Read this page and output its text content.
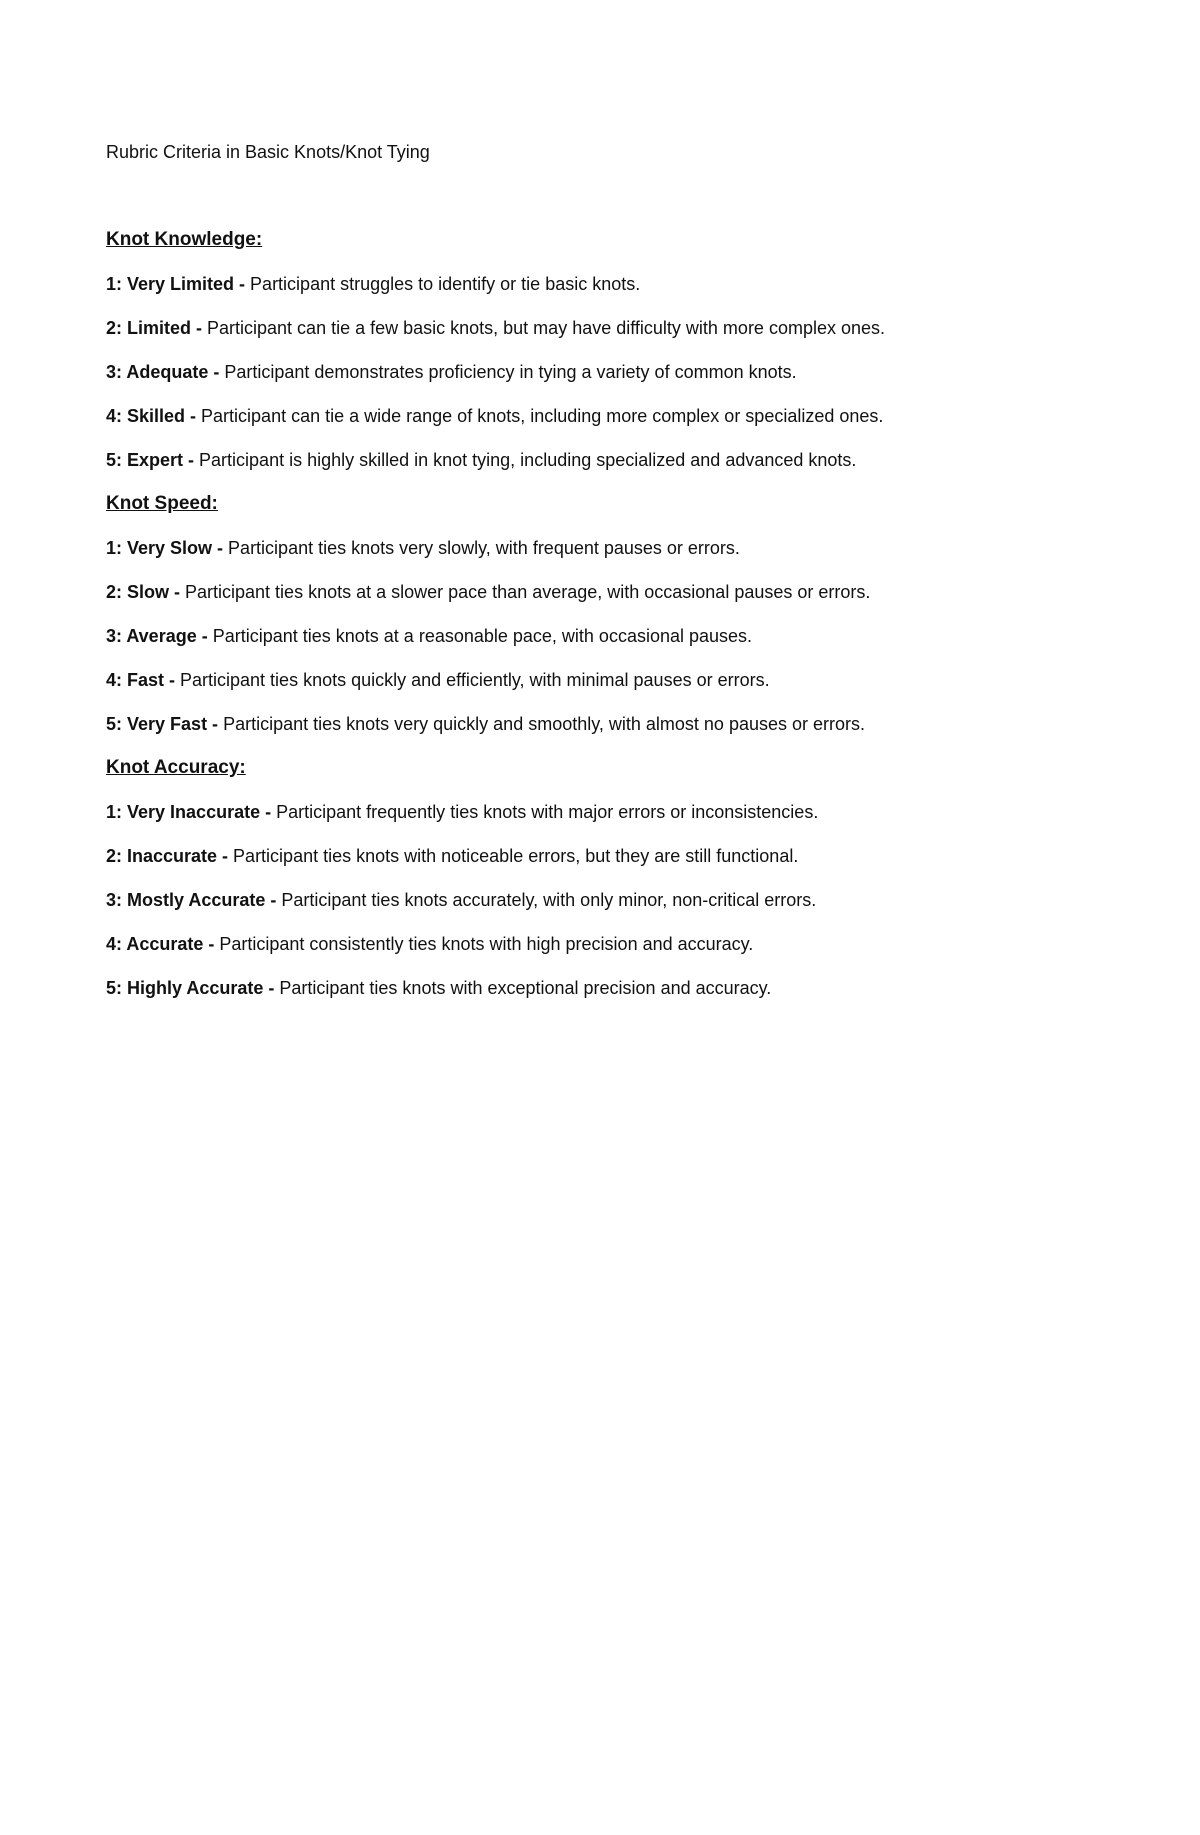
Rubric Criteria in Basic Knots/Knot Tying

Knot Knowledge:

1: Very Limited - Participant struggles to identify or tie basic knots.
2: Limited - Participant can tie a few basic knots, but may have difficulty with more complex ones.
3: Adequate - Participant demonstrates proficiency in tying a variety of common knots.
4: Skilled - Participant can tie a wide range of knots, including more complex or specialized ones.
5: Expert - Participant is highly skilled in knot tying, including specialized and advanced knots.

Knot Speed:

1: Very Slow - Participant ties knots very slowly, with frequent pauses or errors.
2: Slow - Participant ties knots at a slower pace than average, with occasional pauses or errors.
3: Average - Participant ties knots at a reasonable pace, with occasional pauses.
4: Fast - Participant ties knots quickly and efficiently, with minimal pauses or errors.
5: Very Fast - Participant ties knots very quickly and smoothly, with almost no pauses or errors.

Knot Accuracy:

1: Very Inaccurate - Participant frequently ties knots with major errors or inconsistencies.
2: Inaccurate - Participant ties knots with noticeable errors, but they are still functional.
3: Mostly Accurate - Participant ties knots accurately, with only minor, non-critical errors.
4: Accurate - Participant consistently ties knots with high precision and accuracy.
5: Highly Accurate - Participant ties knots with exceptional precision and accuracy.
